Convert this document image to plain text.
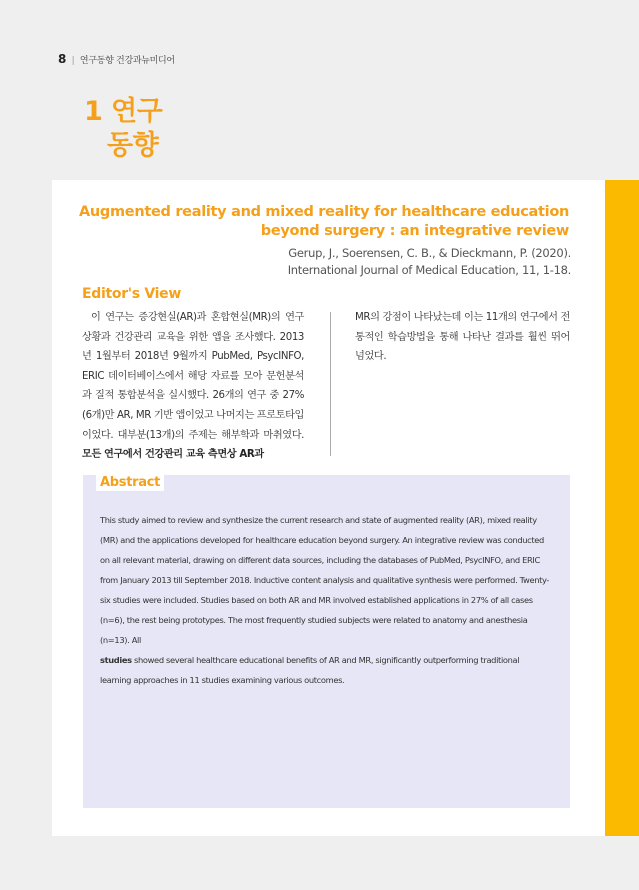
8 | 연구동향 건강과뉴미디어
1 연구
동향
Augmented reality and mixed reality for healthcare education
beyond surgery : an integrative review
Gerup, J., Soerensen, C. B., & Dieckmann, P. (2020).
International Journal of Medical Education, 11, 1-18.
Editor's View
이 연구는 증강현실(AR)과 혼합현실(MR)의 연구상황과 건강관리 교육을 위한 앱을 조사했다. 2013년 1월부터 2018년 9월까지 PubMed, PsycINFO, ERIC 데이터베이스에서 해당 자료를 모아 문헌분석과 질적 통합분석을 실시했다. 26개의 연구 중 27%(6개)만 AR, MR 기반 앱이었고 나머지는 프로토타입이었다. 대부분(13개)의 주제는 해부학과 마취였다. 모든 연구에서 건강관리 교육 측면상 AR과
MR의 강점이 나타났는데 이는 11개의 연구에서 전통적인 학습방법을 통해 나타난 결과를 훨씬 뛰어넘었다.
Abstract
This study aimed to review and synthesize the current research and state of augmented reality (AR), mixed reality (MR) and the applications developed for healthcare education beyond surgery. An integrative review was conducted on all relevant material, drawing on different data sources, including the databases of PubMed, PsycINFO, and ERIC from January 2013 till September 2018. Inductive content analysis and qualitative synthesis were performed. Twenty-six studies were included. Studies based on both AR and MR involved established applications in 27% of all cases (n=6), the rest being prototypes. The most frequently studied subjects were related to anatomy and anesthesia (n=13). All
studies showed several healthcare educational benefits of AR and MR, significantly outperforming traditional learning approaches in 11 studies examining various outcomes.
